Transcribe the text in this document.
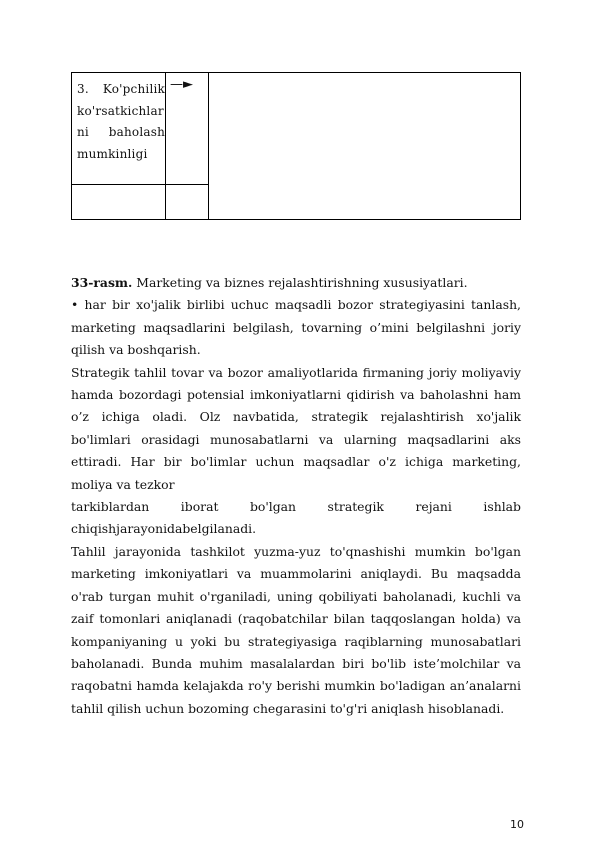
3. Ko'pchilik
ko'rsatkichlar
ni baholash
mumkinligi
—►

33-rasm. Marketing va biznes rejalashtirishning xususiyatlari.

• har bir xo'jalik birlibi uchuc maqsadli bozor strategiyasini tanlash, marketing maqsadlarini belgilash, tovarning o’mini belgilashni joriy qilish va boshqarish.

Strategik tahlil tovar va bozor amaliyotlarida firmaning joriy moliyaviy hamda bozordagi potensial imkoniyatlarni qidirish va baholashni ham o’z ichiga oladi. Olz navbatida, strategik rejalashtirish xo'jalik bo'limlari orasidagi munosabatlarni va ularning maqsadlarini aks ettiradi. Har bir bo'limlar uchun maqsadlar o'z ichiga marketing, moliya va tezkor
tarkiblardan iborat bo'lgan strategik rejani ishlab
chiqishjarayonidabelgilanadi.

Tahlil jarayonida tashkilot yuzma-yuz to'qnashishi mumkin bo'lgan marketing imkoniyatlari va muammolarini aniqlaydi. Bu maqsadda o'rab turgan muhit o'rganiladi, uning qobiliyati baholanadi, kuchli va zaif tomonlari aniqlanadi (raqobatchilar bilan taqqoslangan holda) va kompaniyaning u yoki bu strategiyasiga raqiblarning munosabatlari baholanadi. Bunda muhim masalalardan biri bo'lib iste’molchilar va raqobatni hamda kelajakda ro'y berishi mumkin bo'ladigan an’analarni tahlil qilish uchun bozoming chegarasini to'g'ri aniqlash hisoblanadi.

10
